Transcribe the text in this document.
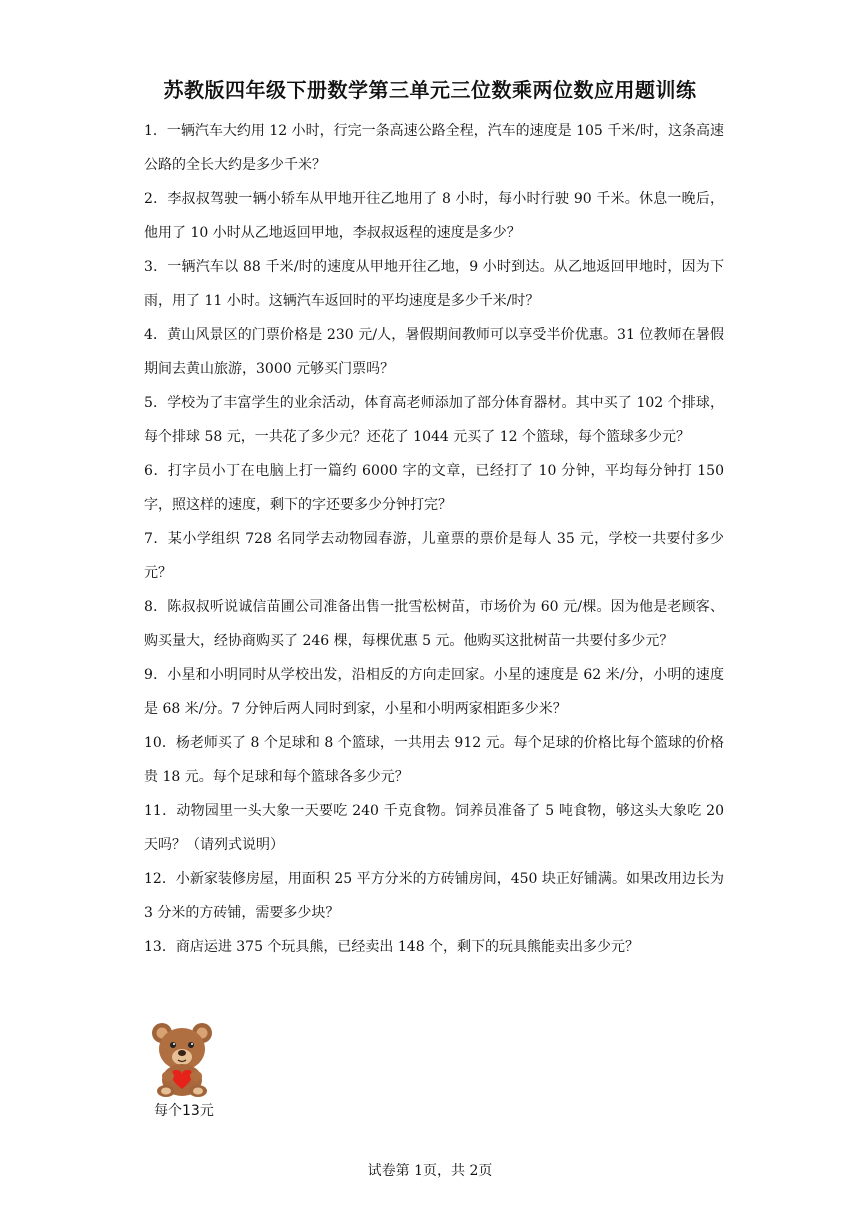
苏教版四年级下册数学第三单元三位数乘两位数应用题训练

1．一辆汽车大约用 12 小时，行完一条高速公路全程，汽车的速度是 105 千米/时，这条高速公路的全长大约是多少千米？

2．李叔叔驾驶一辆小轿车从甲地开往乙地用了 8 小时，每小时行驶 90 千米。休息一晚后，他用了 10 小时从乙地返回甲地，李叔叔返程的速度是多少？

3．一辆汽车以 88 千米/时的速度从甲地开往乙地，9 小时到达。从乙地返回甲地时，因为下雨，用了 11 小时。这辆汽车返回时的平均速度是多少千米/时？

4．黄山风景区的门票价格是 230 元/人，暑假期间教师可以享受半价优惠。31 位教师在暑假期间去黄山旅游，3000 元够买门票吗？

5．学校为了丰富学生的业余活动，体育高老师添加了部分体育器材。其中买了 102 个排球，每个排球 58 元，一共花了多少元？还花了 1044 元买了 12 个篮球，每个篮球多少元？

6．打字员小丁在电脑上打一篇约 6000 字的文章，已经打了 10 分钟，平均每分钟打 150 字，照这样的速度，剩下的字还要多少分钟打完？

7．某小学组织 728 名同学去动物园春游，儿童票的票价是每人 35 元，学校一共要付多少元？

8．陈叔叔听说诚信苗圃公司准备出售一批雪松树苗，市场价为 60 元/棵。因为他是老顾客、购买量大，经协商购买了 246 棵，每棵优惠 5 元。他购买这批树苗一共要付多少元？

9．小星和小明同时从学校出发，沿相反的方向走回家。小星的速度是 62 米/分，小明的速度是 68 米/分。7 分钟后两人同时到家，小星和小明两家相距多少米？

10．杨老师买了 8 个足球和 8 个篮球，一共用去 912 元。每个足球的价格比每个篮球的价格贵 18 元。每个足球和每个篮球各多少元？

11．动物园里一头大象一天要吃 240 千克食物。饲养员准备了 5 吨食物，够这头大象吃 20 天吗？（请列式说明）

12．小新家装修房屋，用面积 25 平方分米的方砖铺房间，450 块正好铺满。如果改用边长为 3 分米的方砖铺，需要多少块？

13．商店运进 375 个玩具熊，已经卖出 148 个，剩下的玩具熊能卖出多少元？

每个13元
试卷第 1页，共 2页
